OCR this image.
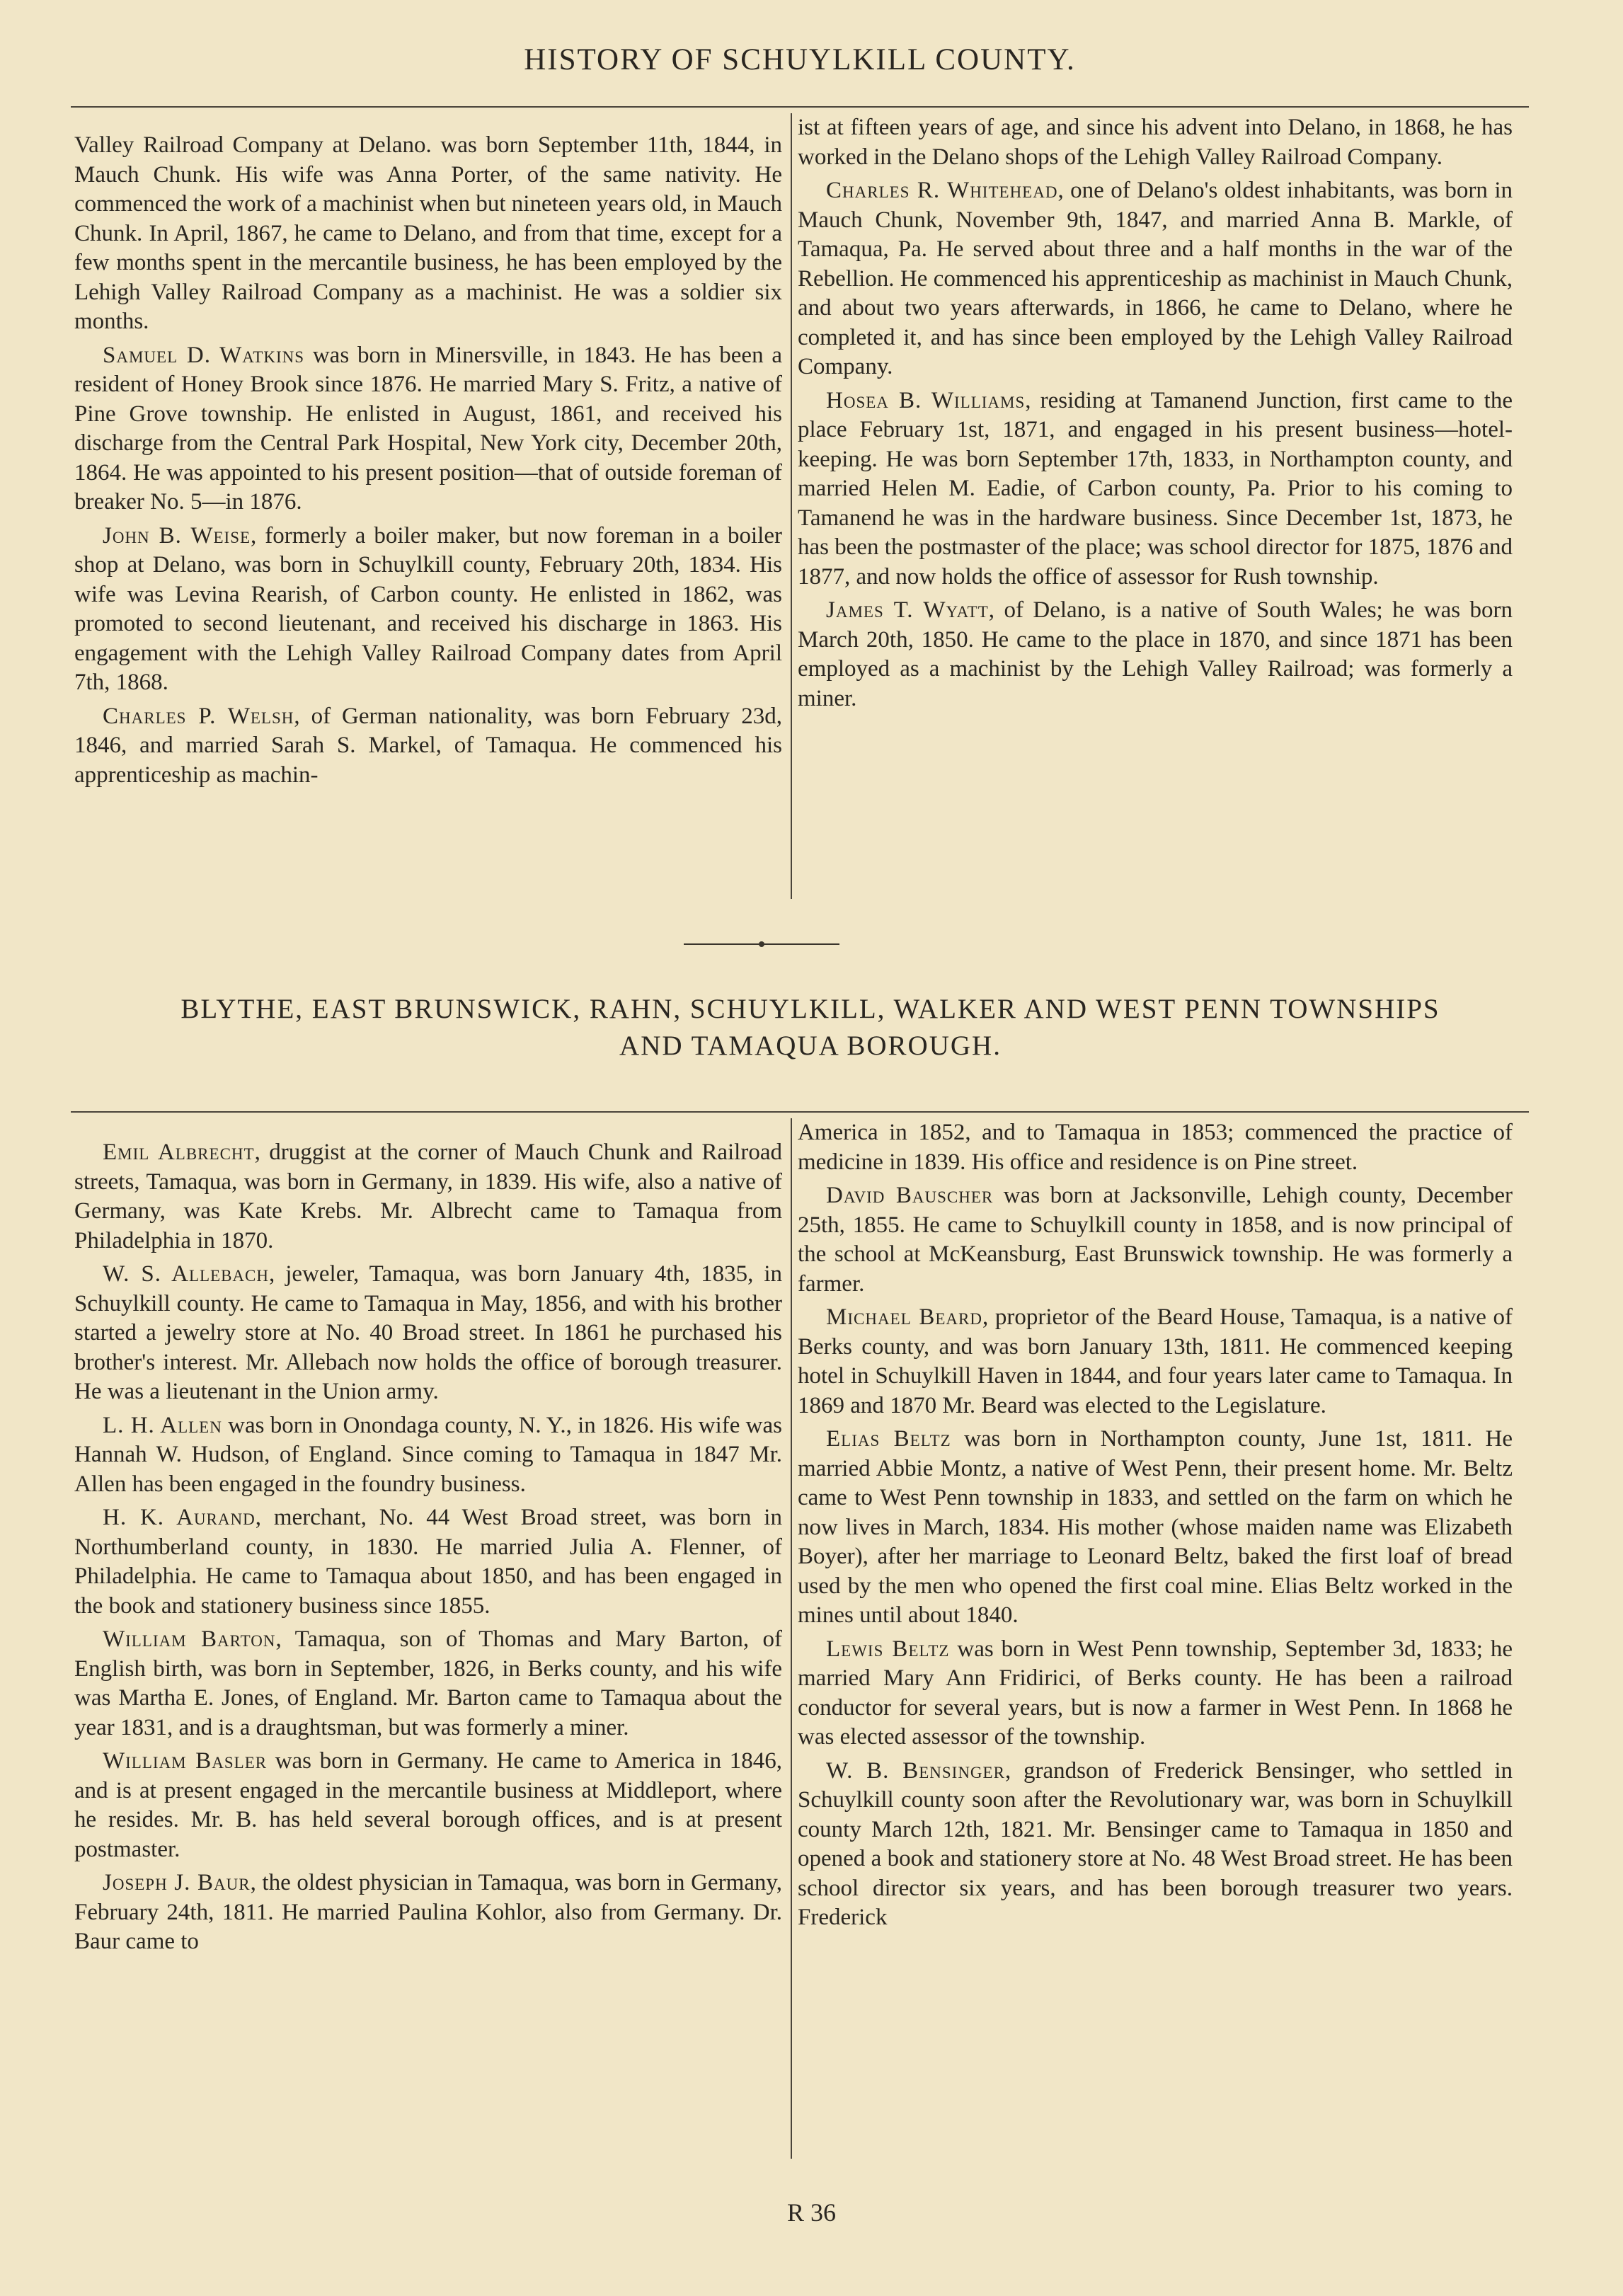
HISTORY OF SCHUYLKILL COUNTY.

Valley Railroad Company at Delano. was born September 11th, 1844, in Mauch Chunk. His wife was Anna Porter, of the same nativity. He commenced the work of a machinist when but nineteen years old, in Mauch Chunk. In April, 1867, he came to Delano, and from that time, except for a few months spent in the mercantile business, he has been employed by the Lehigh Valley Railroad Company as a machinist. He was a soldier six months.

Samuel D. Watkins was born in Minersville, in 1843. He has been a resident of Honey Brook since 1876. He married Mary S. Fritz, a native of Pine Grove township. He enlisted in August, 1861, and received his discharge from the Central Park Hospital, New York city, December 20th, 1864. He was appointed to his present position—that of outside foreman of breaker No. 5—in 1876.

John B. Weise, formerly a boiler maker, but now foreman in a boiler shop at Delano, was born in Schuylkill county, February 20th, 1834. His wife was Levina Rearish, of Carbon county. He enlisted in 1862, was promoted to second lieutenant, and received his discharge in 1863. His engagement with the Lehigh Valley Railroad Company dates from April 7th, 1868.

Charles P. Welsh, of German nationality, was born February 23d, 1846, and married Sarah S. Markel, of Tamaqua. He commenced his apprenticeship as machin-

ist at fifteen years of age, and since his advent into Delano, in 1868, he has worked in the Delano shops of the Lehigh Valley Railroad Company.

Charles R. Whitehead, one of Delano's oldest inhabitants, was born in Mauch Chunk, November 9th, 1847, and married Anna B. Markle, of Tamaqua, Pa. He served about three and a half months in the war of the Rebellion. He commenced his apprenticeship as machinist in Mauch Chunk, and about two years afterwards, in 1866, he came to Delano, where he completed it, and has since been employed by the Lehigh Valley Railroad Company.

Hosea B. Williams, residing at Tamanend Junction, first came to the place February 1st, 1871, and engaged in his present business—hotel-keeping. He was born September 17th, 1833, in Northampton county, and married Helen M. Eadie, of Carbon county, Pa. Prior to his coming to Tamanend he was in the hardware business. Since December 1st, 1873, he has been the postmaster of the place; was school director for 1875, 1876 and 1877, and now holds the office of assessor for Rush township.

James T. Wyatt, of Delano, is a native of South Wales; he was born March 20th, 1850. He came to the place in 1870, and since 1871 has been employed as a machinist by the Lehigh Valley Railroad; was formerly a miner.

BLYTHE, EAST BRUNSWICK, RAHN, SCHUYLKILL, WALKER AND WEST PENN TOWNSHIPS
AND TAMAQUA BOROUGH.

Emil Albrecht, druggist at the corner of Mauch Chunk and Railroad streets, Tamaqua, was born in Germany, in 1839. His wife, also a native of Germany, was Kate Krebs. Mr. Albrecht came to Tamaqua from Philadelphia in 1870.

W. S. Allebach, jeweler, Tamaqua, was born January 4th, 1835, in Schuylkill county. He came to Tamaqua in May, 1856, and with his brother started a jewelry store at No. 40 Broad street. In 1861 he purchased his brother's interest. Mr. Allebach now holds the office of borough treasurer. He was a lieutenant in the Union army.

L. H. Allen was born in Onondaga county, N. Y., in 1826. His wife was Hannah W. Hudson, of England. Since coming to Tamaqua in 1847 Mr. Allen has been engaged in the foundry business.

H. K. Aurand, merchant, No. 44 West Broad street, was born in Northumberland county, in 1830. He married Julia A. Flenner, of Philadelphia. He came to Tamaqua about 1850, and has been engaged in the book and stationery business since 1855.

William Barton, Tamaqua, son of Thomas and Mary Barton, of English birth, was born in September, 1826, in Berks county, and his wife was Martha E. Jones, of England. Mr. Barton came to Tamaqua about the year 1831, and is a draughtsman, but was formerly a miner.

William Basler was born in Germany. He came to America in 1846, and is at present engaged in the mercantile business at Middleport, where he resides. Mr. B. has held several borough offices, and is at present postmaster.

Joseph J. Baur, the oldest physician in Tamaqua, was born in Germany, February 24th, 1811. He married Paulina Kohlor, also from Germany. Dr. Baur came to

America in 1852, and to Tamaqua in 1853; commenced the practice of medicine in 1839. His office and residence is on Pine street.

David Bauscher was born at Jacksonville, Lehigh county, December 25th, 1855. He came to Schuylkill county in 1858, and is now principal of the school at McKeansburg, East Brunswick township. He was formerly a farmer.

Michael Beard, proprietor of the Beard House, Tamaqua, is a native of Berks county, and was born January 13th, 1811. He commenced keeping hotel in Schuylkill Haven in 1844, and four years later came to Tamaqua. In 1869 and 1870 Mr. Beard was elected to the Legislature.

Elias Beltz was born in Northampton county, June 1st, 1811. He married Abbie Montz, a native of West Penn, their present home. Mr. Beltz came to West Penn township in 1833, and settled on the farm on which he now lives in March, 1834. His mother (whose maiden name was Elizabeth Boyer), after her marriage to Leonard Beltz, baked the first loaf of bread used by the men who opened the first coal mine. Elias Beltz worked in the mines until about 1840.

Lewis Beltz was born in West Penn township, September 3d, 1833; he married Mary Ann Fridirici, of Berks county. He has been a railroad conductor for several years, but is now a farmer in West Penn. In 1868 he was elected assessor of the township.

W. B. Bensinger, grandson of Frederick Bensinger, who settled in Schuylkill county soon after the Revolutionary war, was born in Schuylkill county March 12th, 1821. Mr. Bensinger came to Tamaqua in 1850 and opened a book and stationery store at No. 48 West Broad street. He has been school director six years, and has been borough treasurer two years. Frederick

R 36
